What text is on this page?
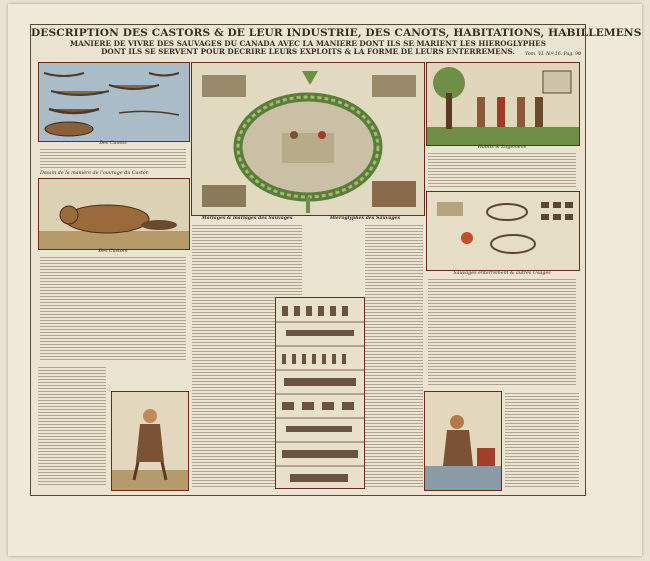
DESCRIPTION DES CASTORS & DE LEUR INDUSTRIE, DES CANOTS, HABITATIONS, HABILLEMENS
MANIERE DE VIVRE DES SAUVAGES DU CANADA AVEC LA MANIERE DONT ILS SE MARIENT LES HIEROGLYPHES
DONT ILS SE SERVENT POUR DECRIRE LEURS EXPLOITS & LA FORME DE LEURS ENTERREMENS.	Tom. VI. N.º 16. Pag. 90
Des Canots
Dessin de la manière de l'ouvrage du Castor
Des Castors
Mariages & mariages des Sauvages	Hieroglyphes des Sauvages
Habits & Logemens
Sauvages enterrement & autres Usages
